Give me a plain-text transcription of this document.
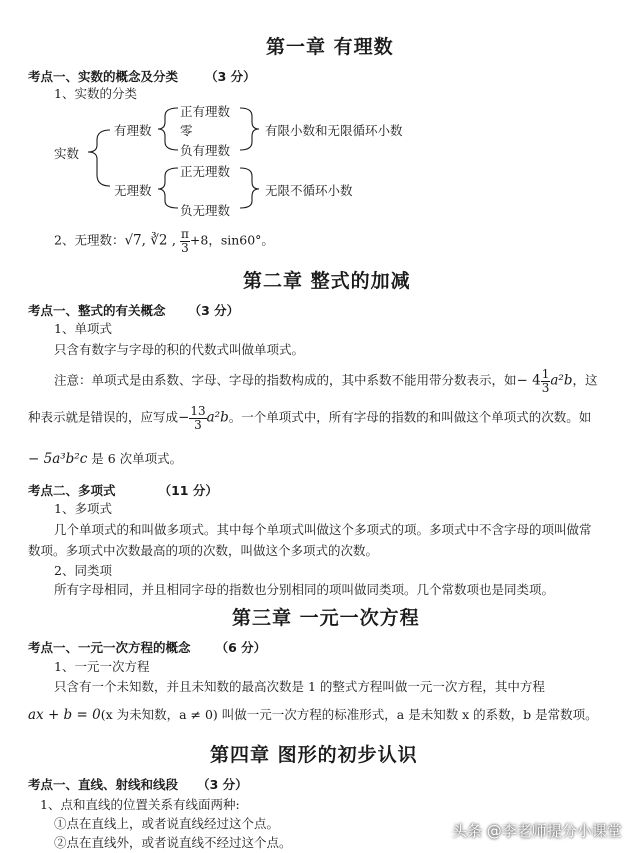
第一章 有理数
考点一、实数的概念及分类 （3 分）
1、实数的分类
实数
有理数
无理数
正有理数
零
负有理数
正无理数
负无理数
有限小数和无限循环小数
无限不循环小数
2、无理数：√7, ∛2 , $\frac{\pi}{3} +8$，sin60°。
第二章 整式的加减
考点一、整式的有关概念 （3 分）
1、单项式
只含有数字与字母的积的代数式叫做单项式。
注意：单项式是由系数、字母、字母的指数构成的，其中系数不能用带分数表示，如− $4 \frac{1}{3} a^2b$，这
种表示就是错误的，应写成− $\frac{13}{3} a^2b$。一个单项式中，所有字母的指数的和叫做这个单项式的次数。如
− 5a³b²c 是 6 次单项式。
考点二、多项式	（11 分）
1、多项式
几个单项式的和叫做多项式。其中每个单项式叫做这个多项式的项。多项式中不含字母的项叫做常
数项。多项式中次数最高的项的次数，叫做这个多项式的次数。
2、同类项
所有字母相同，并且相同字母的指数也分别相同的项叫做同类项。几个常数项也是同类项。
第三章 一元一次方程
考点一、一元一次方程的概念 （6 分）
1、一元一次方程
只含有一个未知数，并且未知数的最高次数是 1 的整式方程叫做一元一次方程，其中方程
ax + b = 0(x 为未知数，a ≠ 0) 叫做一元一次方程的标准形式，a 是未知数 x 的系数，b 是常数项。
第四章 图形的初步认识
考点一、直线、射线和线段 （3 分）
1、点和直线的位置关系有线面两种:
①点在直线上，或者说直线经过这个点。
②点在直线外，或者说直线不经过这个点。
头条 @李老师提分小课堂
